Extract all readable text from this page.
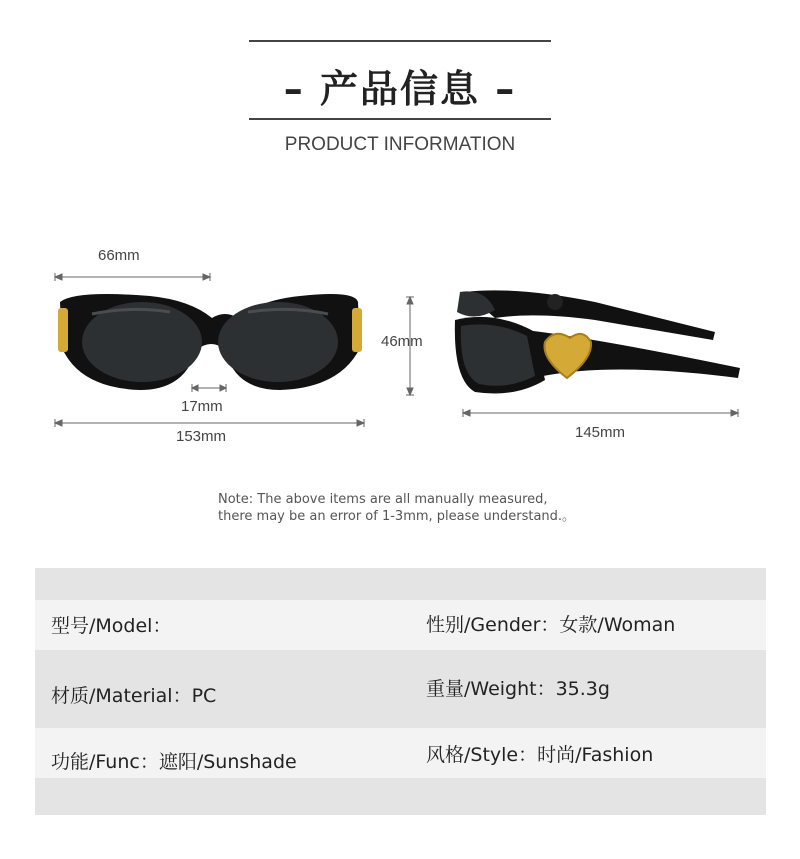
– 产品信息 –
PRODUCT INFORMATION
66mm
17mm
153mm
46mm
145mm
Note: The above items are all manually measured,
there may be an error of 1-3mm, please understand.。
型号/Model：	性别/Gender：女款/Woman
材质/Material：PC	重量/Weight：35.3g
功能/Func：遮阳/Sunshade	风格/Style：时尚/Fashion
